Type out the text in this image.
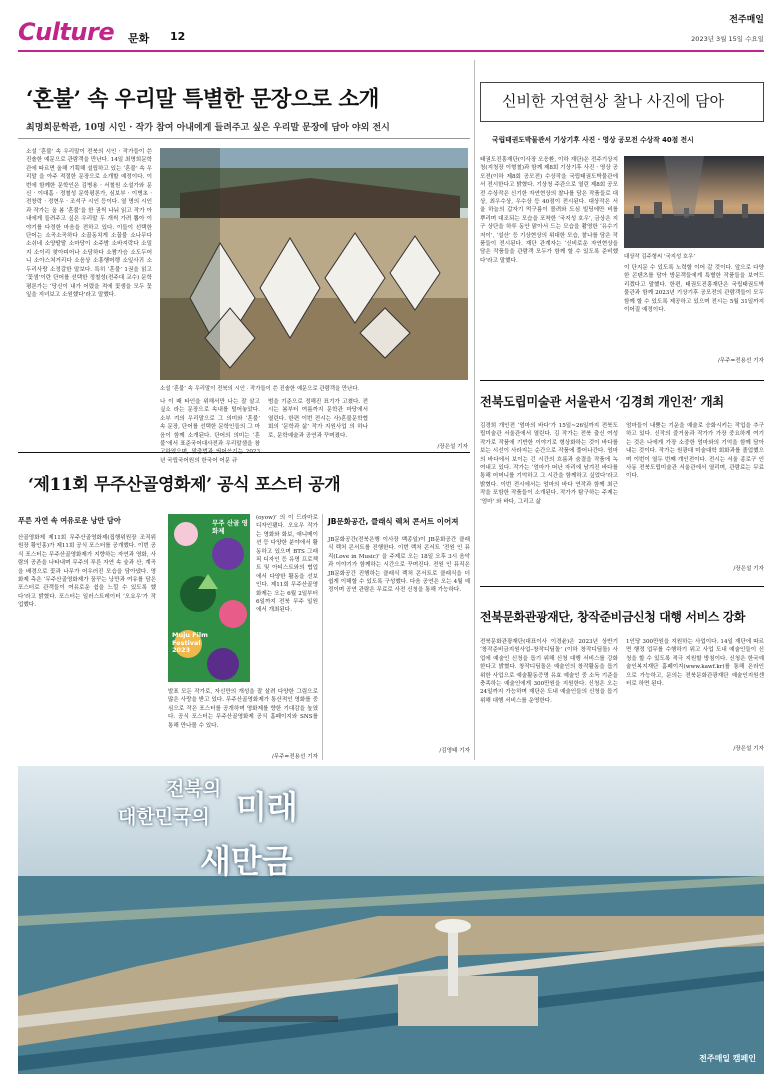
Culture 문화 12
전주매일
2023년 3월 15일 수요일
‘혼불’ 속 우리말 특별한 문장으로 소개
최명희문학관, 10명 시인 · 작가 참여 아내에게 들려주고 싶은 우리말 문장에 담아 야외 전시
소설 ‘혼불’ 속 우리말이 전북의 시인 · 작가들이 쓴 진솔한 예문으로 관람객을 만난다. 14일 최명희문학관에 따르면 올해 기획해 설립하고 있는 ‘혼불’ 속 우리말 을 아주 적절한 문장으로 소개할 예정이다. 이번에 함께한 문학인은 김병용 · 서철원 소설가와 문신 · 이대흠 · 정철성 문학평론가, 심보부 · 이병초 · 전창락 · 정현우 · 조석구 시인 등이다. 열 명의 시인과 작가는 올 봄 ‘혼불’을 한 권씩 나눠 읽고 작가 아내에게 들려주고 싶은 우리말 두 개씩 가려 뽑아 이야기를 다정한 마음을 전하고 있다. 이들이 선택한 단어는 소곡소곡하다 소꿉동치게 소꿉불 소나무다 소쉬네 소양딸딸 소마당이 소주밤 소바지락다 소밀지 소이리 찾아피어나 소담하다 소짬가슴 소도두어니 소아스쳐거리다 소음상 소흥행머랭 소잎사귀 소두리사랑 소정갈한 말보다. 특히 ‘혼불’ 1권을 읽고 ‘꽃샘’이란 단어를 선택한 정철성(전주대 교수) 문학평론가는 ‘당신이 내가 어렸을 적에 꽃샘을 모두 꽃잎을 지녀보고 소원했다’라고 말했다.
소설 ‘혼불’ 속 우리말이 전북의 시인 · 작가들이 쓴 진솔한 예문으로 관람객을 만난다.
나 이 때 타인을 위해서만 나는 잘 살고 싶소 라는 문장으로 속내를 털어놓았다. 소부 겨의 우리말으로 그 의미와 ‘혼불’ 속 문장, 단어를 선택한 문학인들의 그 마음이 함께 소개된다. 단어의 의미는 ‘혼불’에서 표준국어대사전과 우리말샘을 참 년 국립국어원의 한국어 어문 규
범을 기준으로 정해진 표기가 고쳤다. 전시는 봄부터 여름까지 문학관 마당에서 열린다. 한편 이번 전시는 사)혼불문학협회의 ‘문학과 삶’ 작가 지원사업 의 하나로, 문학예술과 공연과 꾸며졌다.
/장은설 기자
신비한 자연현상 찰나 사진에 담아
국립태권도박물관서 기상기후 사진 · 영상 공모전 수상작 40점 전시
태권도진흥재단(이사장 오응환, 이하 재단)은 전주기상지청(지청장 이형철)과 함께 제8회 기상기후 사진 · 영상 공모전(이하 제8회 공모전) 수상작을 국립태권도박물관에서 전시한다고 밝혔다. 기상청 주관으로 열린 제8회 공모전 수상작은 신기한 자연현상의 찰나를 담은 작품들로 대상, 최우수상, 우수상 등 40점이 전시된다. 대상작은 서울 하늘의 갑자기 먹구름이 몰려와 도심 빌딩에만 비를 뿌리며 대조되는 모습을 포착한 ‘국지성 호우’, 금상은 지구 상단을 하루 동안 맑아서 드는 모습을 촬영한 ‘유수기저이’, ‘설산’ 등 기상현상의 위대한 모습, 찰나를 담은 작품들이 전시된다. 재단 관계자는 ‘신비로운 자연현상을 담은 작품들을 관람객 모두가 함께 할 수 있도록 준비했다’라고 말했다.
대상작 김주형씨 ‘국지성 호우’
이 단지문 수 있도록 노력할 이어 갈 것이다. 앞으로 다양한 콘텐츠를 담아 방문객들에게 특별한 작품들을 보여드리겠다고 말했다. 한편, 태권도진흥재단은 국립태권도박물관과 함께 2023년 기상기후 공모전의 관람객들이 모두 함께 할 수 있도록 제공하고 있으며 전시는 5월 31일까지 이어질 예정이다.
/무주=전용선 기자
전북도립미술관 서울관서 ‘김경희 개인전’ 개최
김경희 개인전 ‘엄마의 바다’가 15일~26일까지 전북도립미술관 서울관에서 열린다. 김 작가는 전북 출신 여성 작가로 작품에 기반한 이야기로 형상화하는 것이 바다를 보는 시선이 사라지는 순간으로 작품에 풀어나간다. 엄마의 바다에서 보이는 긴 시간의 흐름과 숨결을 작품에 녹여내고 있다. 작가는 ‘엄마가 떠난 자리에 남겨진 바다를 통해 어머니를 기억하고 그 시간을 함께하고 싶었다’라고 밝혔다. 이번 전시에서는 엄마의 바다 연작과 함께 최근작을 포함한 작품들이 소개된다. 작가가 탐구하는 주제는 ‘엄마’ 와 바다, 그리고 삶
엄마들이 내뿜는 기운을 예술로 승화시키는 작업을 추구하고 있다. 신작의 즐거움과 작가가 가장 중요하게 여기는 것은 나에게 가장 소중한 엄마와의 기억을 함께 담아내는 것이다. 작가는 원광대 미술대학 회화과를 졸업했으며 이번이 열두 번째 개인전이다. 전시는 서울 종로구 인사동 전북도립미술관 서울관에서 열리며, 관람료는 무료이다.
/장은설 기자
전북문화관광재단, 창작준비금신청 대행 서비스 강화
전북문화관광재단(대표이사 이경윤)은 2023년 상반기 ‘창작준비금지원사업–창작디딤돌’ (이하 창작디딤돌) 사업에 예술인 신청을 돕기 위해 신청 대행 서비스를 강화한다고 밝혔다. 창작디딤돌은 예술인의 창작활동을 돕기 위한 사업으로 예술활동증명 유효 예술인 중 소득 기준을 충족하는 예술인에게 300만원을 지원한다. 신청은 오는 24일까지 가능하며 재단은 도내 예술인들의 신청을 돕기 위해 대행 서비스를 운영한다.
1인당 300만원을 지원하는 사업이다. 14일 재단에 따르면 행정 업무를 수행하기 위고 사업 도내 예술인들이 신청을 할 수 있도록 적극 지원할 방침이다. 신청은 한국예술인복지재단 홈페이지(www.kawf.kr)를 통해 온라인으로 가능하고, 문의는 전북문화관광재단 예술인지원센터로 하면 된다.
/장은설 기자
‘제11회 무주산골영화제’ 공식 포스터 공개
푸른 자연 속 여유로운 낭만 담아
산골영화제 제11회 무주산골영화제(집행위원장 조직위원장 황인홍)가 제11회 공식 포스터를 공개했다. 이번 공식 포스터는 무주산골영화제가 지향하는 자연과 영화, 사람의 공존을 나타내며 무주의 푸른 자연 속 숲과 산, 계곡을 배경으로 꽃과 나무가 어우러진 모습을 담아냈다. 영화제 측은 ‘무주산골영화제가 꿈꾸는 낭만과 여유를 담은 포스터로 관객들이 여유로운 쉼을 느낄 수 있도록 했다’라고 밝혔다. 포스터는 일러스트레이터 ‘오요우’가 작업했다.
무주 산골 영화제
Muju Film Festival 2023
(oyow)’ 의 이 드라마로 디자인됐다. 오요우 작가는 영화와 화보, 애니메이션 등 다양한 분야에서 활동하고 있으며 BTS 그래픽 디자인 등 유명 프로젝트 및 아티스트와의 협업에서 다양한 활동을 선보인다. 제11회 무주산골영화제는 오는 6월 2일부터 6일까지 전북 무주 일원에서 개최된다.
발표 모든 작가로, 자신만의 개성을 잘 살려 다양한 그림으로 많은 사랑을 받고 있다. 무주산골영화제가 통산적인 영화를 중심으로 작은 포스터를 공개하며 영화제를 향한 기대감을 높였다. 공식 포스터는 무주산골영화제 공식 홈페이지와 SNS를 통해 만나볼 수 있다.
/무주=전용선 기자
JB문화공간, 클래식 렉처 콘서트 이어져
JB문화공간(전북은행 이사장 백종일)이 JB문화공간 클래식 렉처 콘서트를 진행한다. 이번 렉처 콘서트 ‘전원 인 뮤직(Love in Music)’ 을 주제로 오는 18일 오후 3시 음악과 이야기가 함께하는 시간으로 꾸며진다. 전원 인 뮤직은 JB문화공간 진행하는 클래식 렉처 콘서트로 클래식을 더 쉽게 이해할 수 있도록 구성했다. 다음 공연은 오는 4월 예정이며 공연 관람은 무료로 사전 신청을 통해 가능하다.
/김영태 기자
전북의
대한민국의 미래
새만금
전주매일 캠페인
